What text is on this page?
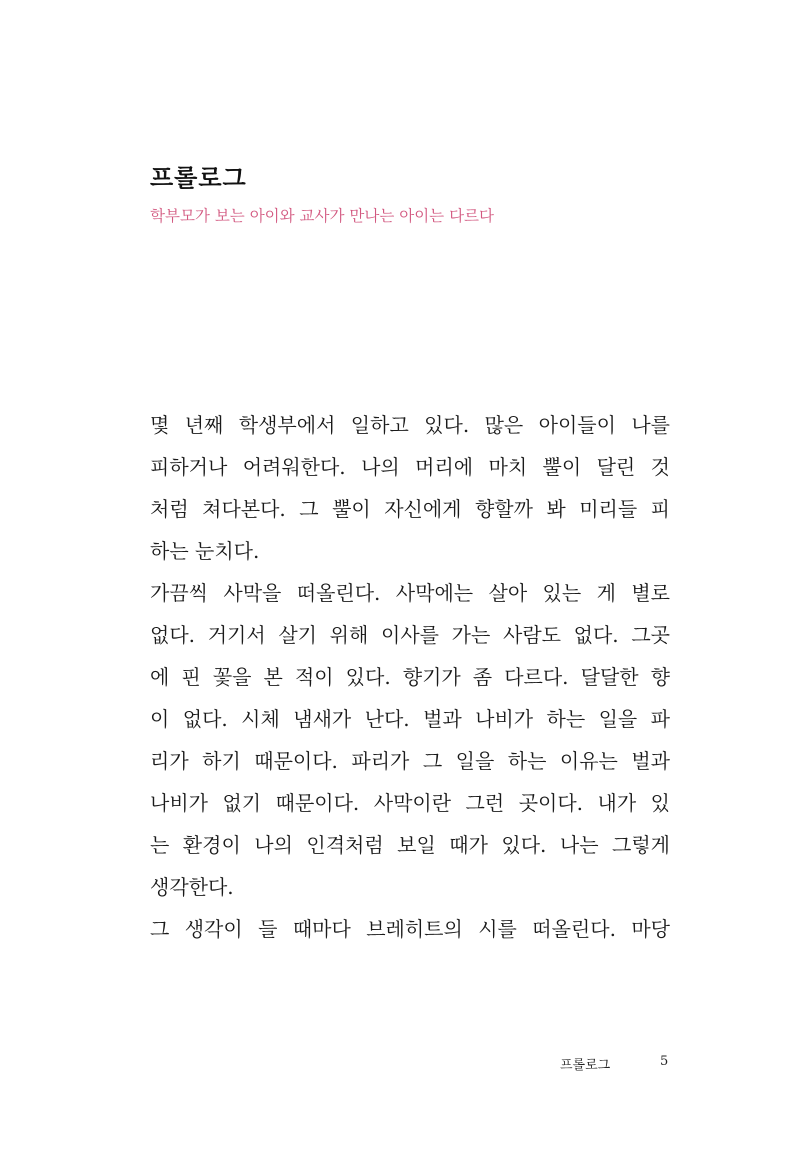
프롤로그

학부모가 보는 아이와 교사가 만나는 아이는 다르다

몇 년째 학생부에서 일하고 있다. 많은 아이들이 나를
피하거나 어려워한다. 나의 머리에 마치 뿔이 달린 것
처럼 쳐다본다. 그 뿔이 자신에게 향할까 봐 미리들 피
하는 눈치다.
가끔씩 사막을 떠올린다. 사막에는 살아 있는 게 별로
없다. 거기서 살기 위해 이사를 가는 사람도 없다. 그곳
에 핀 꽃을 본 적이 있다. 향기가 좀 다르다. 달달한 향
이 없다. 시체 냄새가 난다. 벌과 나비가 하는 일을 파
리가 하기 때문이다. 파리가 그 일을 하는 이유는 벌과
나비가 없기 때문이다. 사막이란 그런 곳이다. 내가 있
는 환경이 나의 인격처럼 보일 때가 있다. 나는 그렇게
생각한다.
그 생각이 들 때마다 브레히트의 시를 떠올린다. 마당
프롤로그	5
